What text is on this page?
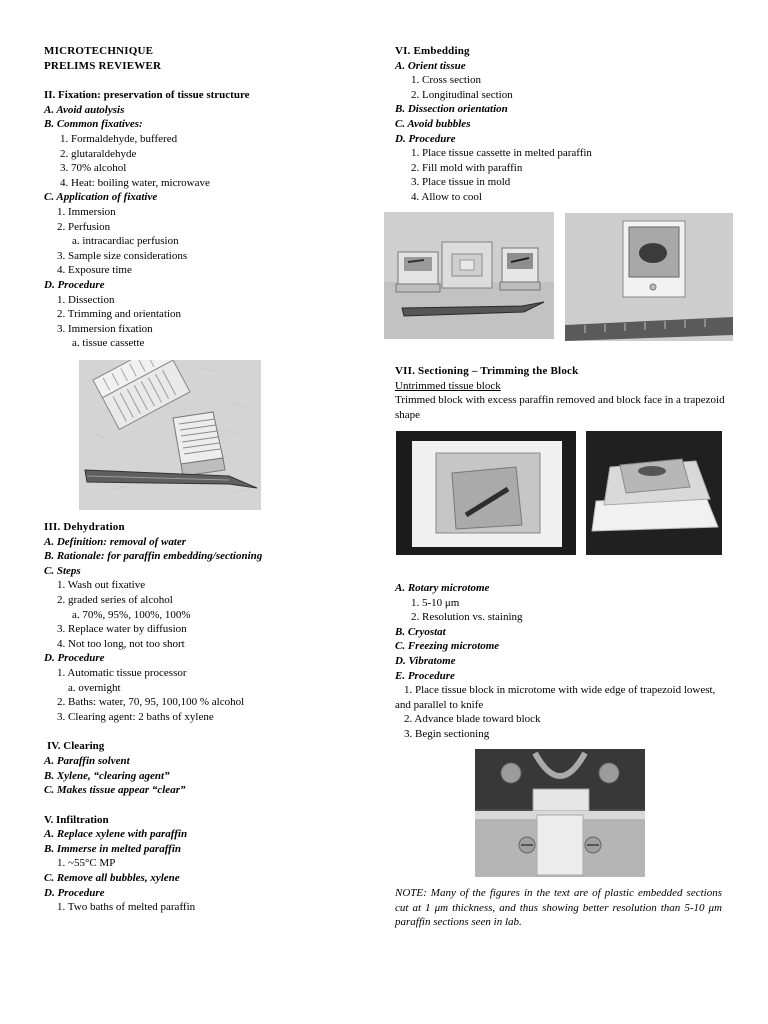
MICROTECHNIQUE
PRELIMS REVIEWER
II. Fixation: preservation of tissue structure
A. Avoid autolysis
B. Common fixatives:
1. Formaldehyde, buffered
2. glutaraldehyde
3. 70% alcohol
4. Heat: boiling water, microwave
C. Application of fixative
1. Immersion
2. Perfusion
a. intracardiac perfusion
3. Sample size considerations
4. Exposure time
D. Procedure
1. Dissection
2. Trimming and orientation
3. Immersion fixation
a. tissue cassette
III. Dehydration
A. Definition: removal of water
B. Rationale: for paraffin embedding/sectioning
C. Steps
1. Wash out fixative
2. graded series of alcohol
a. 70%, 95%, 100%, 100%
3. Replace water by diffusion
4. Not too long, not too short
D. Procedure
1. Automatic tissue processor
a. overnight
2. Baths: water, 70, 95, 100,100 % alcohol
3. Clearing agent: 2 baths of xylene
IV. Clearing
A. Paraffin solvent
B. Xylene, “clearing agent”
C. Makes tissue appear “clear”
V. Infiltration
A. Replace xylene with paraffin
B. Immerse in melted paraffin
1. ~55°C MP
C. Remove all bubbles, xylene
D. Procedure
1. Two baths of melted paraffin
VI. Embedding
A. Orient tissue
1. Cross section
2. Longitudinal section
B. Dissection orientation
C. Avoid bubbles
D. Procedure
1. Place tissue cassette in melted paraffin
2. Fill mold with paraffin
3. Place tissue in mold
4. Allow to cool
VII. Sectioning – Trimming the Block
Untrimmed tissue block
Trimmed block with excess paraffin removed and block face in a trapezoid shape
A. Rotary microtome
1. 5-10 μm
2. Resolution vs. staining
B. Cryostat
C. Freezing microtome
D. Vibratome
E. Procedure
1. Place tissue block in microtome with wide edge of trapezoid lowest, and parallel to knife
2. Advance blade toward block
3. Begin sectioning
NOTE: Many of the figures in the text are of plastic embedded sections cut at 1 μm thickness, and thus showing better resolution than 5-10 μm paraffin sections seen in lab.
